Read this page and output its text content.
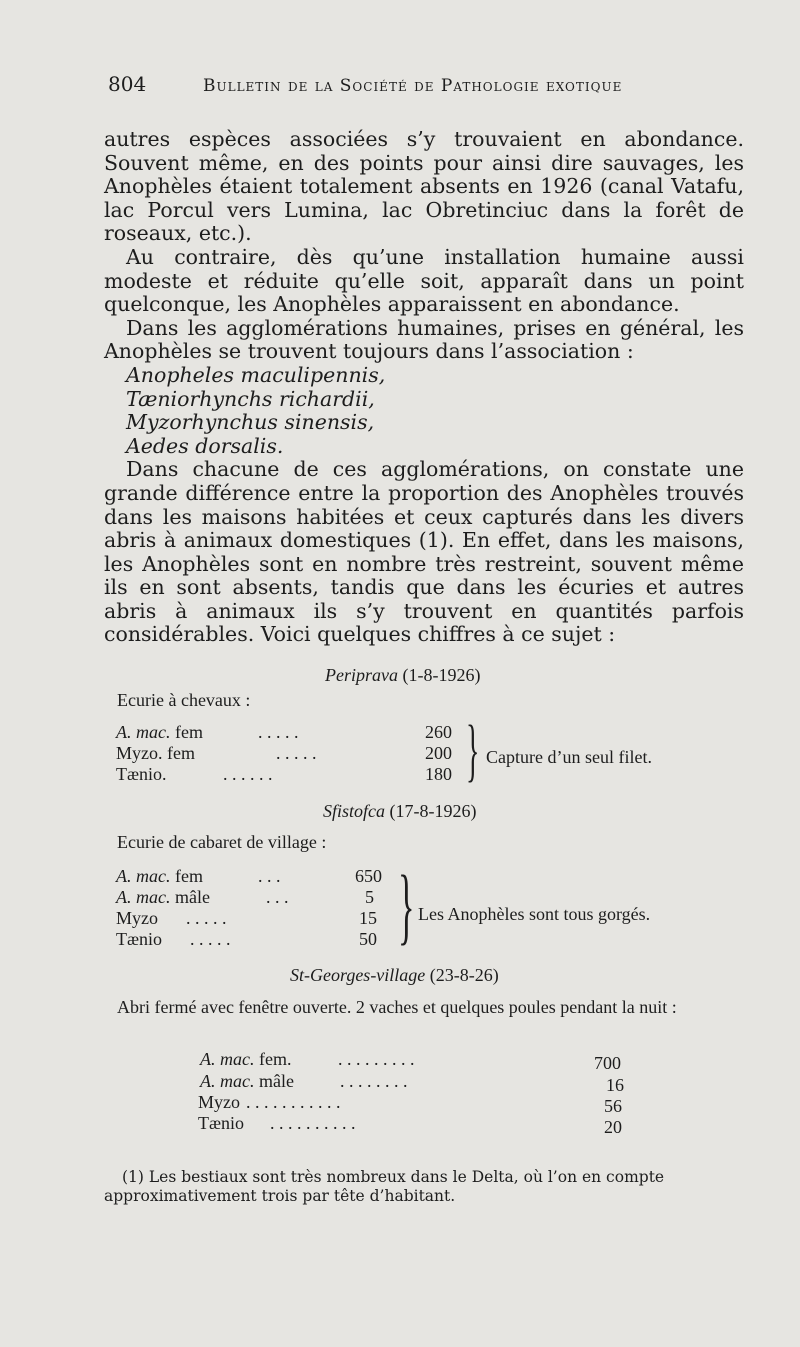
804	Bulletin de la Société de Pathologie exotique

autres espèces associées s’y trouvaient en abondance. Souvent même, en des points pour ainsi dire sauvages, les Anophèles étaient totalement absents en 1926 (canal Vatafu, lac Porcul vers Lumina, lac Obretinciuc dans la forêt de roseaux, etc.).

Au contraire, dès qu’une installation humaine aussi modeste et réduite qu’elle soit, apparaît dans un point quelconque, les Anophèles apparaissent en abondance.

Dans les agglomérations humaines, prises en général, les Anophèles se trouvent toujours dans l’association :

Anopheles maculipennis,

Tæniorhynchs richardii,

Myzorhynchus sinensis,

Aedes dorsalis.

Dans chacune de ces agglomérations, on constate une grande différence entre la proportion des Anophèles trouvés dans les maisons habitées et ceux capturés dans les divers abris à animaux domestiques (1). En effet, dans les maisons, les Anophèles sont en nombre très restreint, souvent même ils en sont absents, tandis que dans les écuries et autres abris à animaux ils s’y trouvent en quantités parfois considérables. Voici quelques chiffres à ce sujet :

Periprava (1-8-1926)
Ecurie à chevaux :
A. mac. fem	. . . . .	260
Myzo. fem	. . . . .	200
Tænio.	. . . . . .	180 } Capture d’un seul filet.
Sfistofca (17-8-1926)
Ecurie de cabaret de village :
A. mac. fem	. . .	650
A. mac. mâle	. . .	5
Myzo . . . . .	15
Tænio . . . . .	50 } Les Anophèles sont tous gorgés.
St-Georges-village (23-8-26)
Abri fermé avec fenêtre ouverte. 2 vaches et quelques poules pendant la nuit :
A. mac. fem.	. . . . . . . . .	700
A. mac. mâle	. . . . . . . .	16
Myzo . . . . . . . . . . .	56
Tænio . . . . . . . . . .	20
(1) Les bestiaux sont très nombreux dans le Delta, où l’on en compte approximativement trois par tête d’habitant.
